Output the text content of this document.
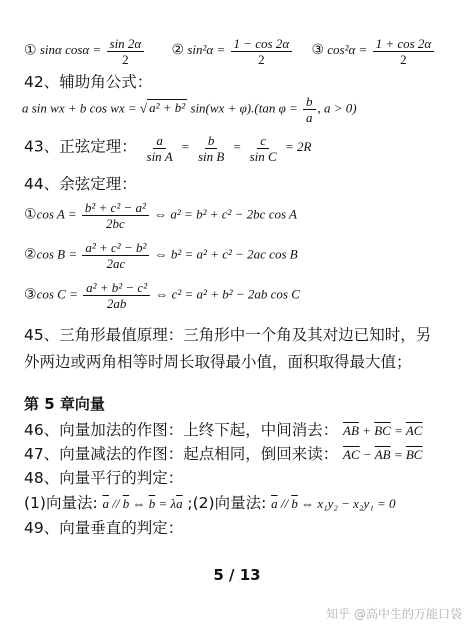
① sinα $\cos\alpha = \frac{\sin 2\alpha}{2}$ ② $\sin^2\alpha = \frac{1 - \cos 2\alpha}{2}$ ③ $\cos^2\alpha = \frac{1 + \cos 2\alpha}{2}$
42、辅助角公式：
a sin wx + b cos wx = √ a² + b² sin(wx + φ).(tan $\varphi = \frac{b}{a}$ , a > 0)
43、正弦定理： $\frac{a}{\text{sin A}} = \frac{b}{\text{sin B}} = \frac{c}{\text{sin C}} = 2R$
44、余弦定理：
①cos $A = \frac{\text{b² + c² − a²}}{2bc}$ ⇔ a² = b² + c² − 2bc cos A
②cos $B = \frac{\text{a² + c² − b²}}{2ac}$ ⇔ b² = a² + c² − 2ac cos B
③cos $C = \frac{\text{a² + b² − c²}}{2ab}$ ⇔ c² = a² + b² − 2ab cos C
45、三角形最值原理：三角形中一个角及其对边已知时，另
外两边或两角相等时周长取得最小值，面积取得最大值；
第 5 章向量
46、向量加法的作图：上终下起，中间消去： $\overline{AB} + \overline{BC} = \overline{AC}$
47、向量减法的作图：起点相同，倒回来读： $\overline{AC} - \overline{AB} = \overline{BC}$
48、向量平行的判定：
(1)向量法: $\overline{a} // \overline{b}$ ⇔ $\overline{b} = \lambda\overline{a}$ ;(2)向量法: $\overline{a} // \overline{b}$ ⇔ x₁y₂ − x₂y₁ = 0
49、向量垂直的判定：
5 / 13
知乎 @高中生的万能口袋
